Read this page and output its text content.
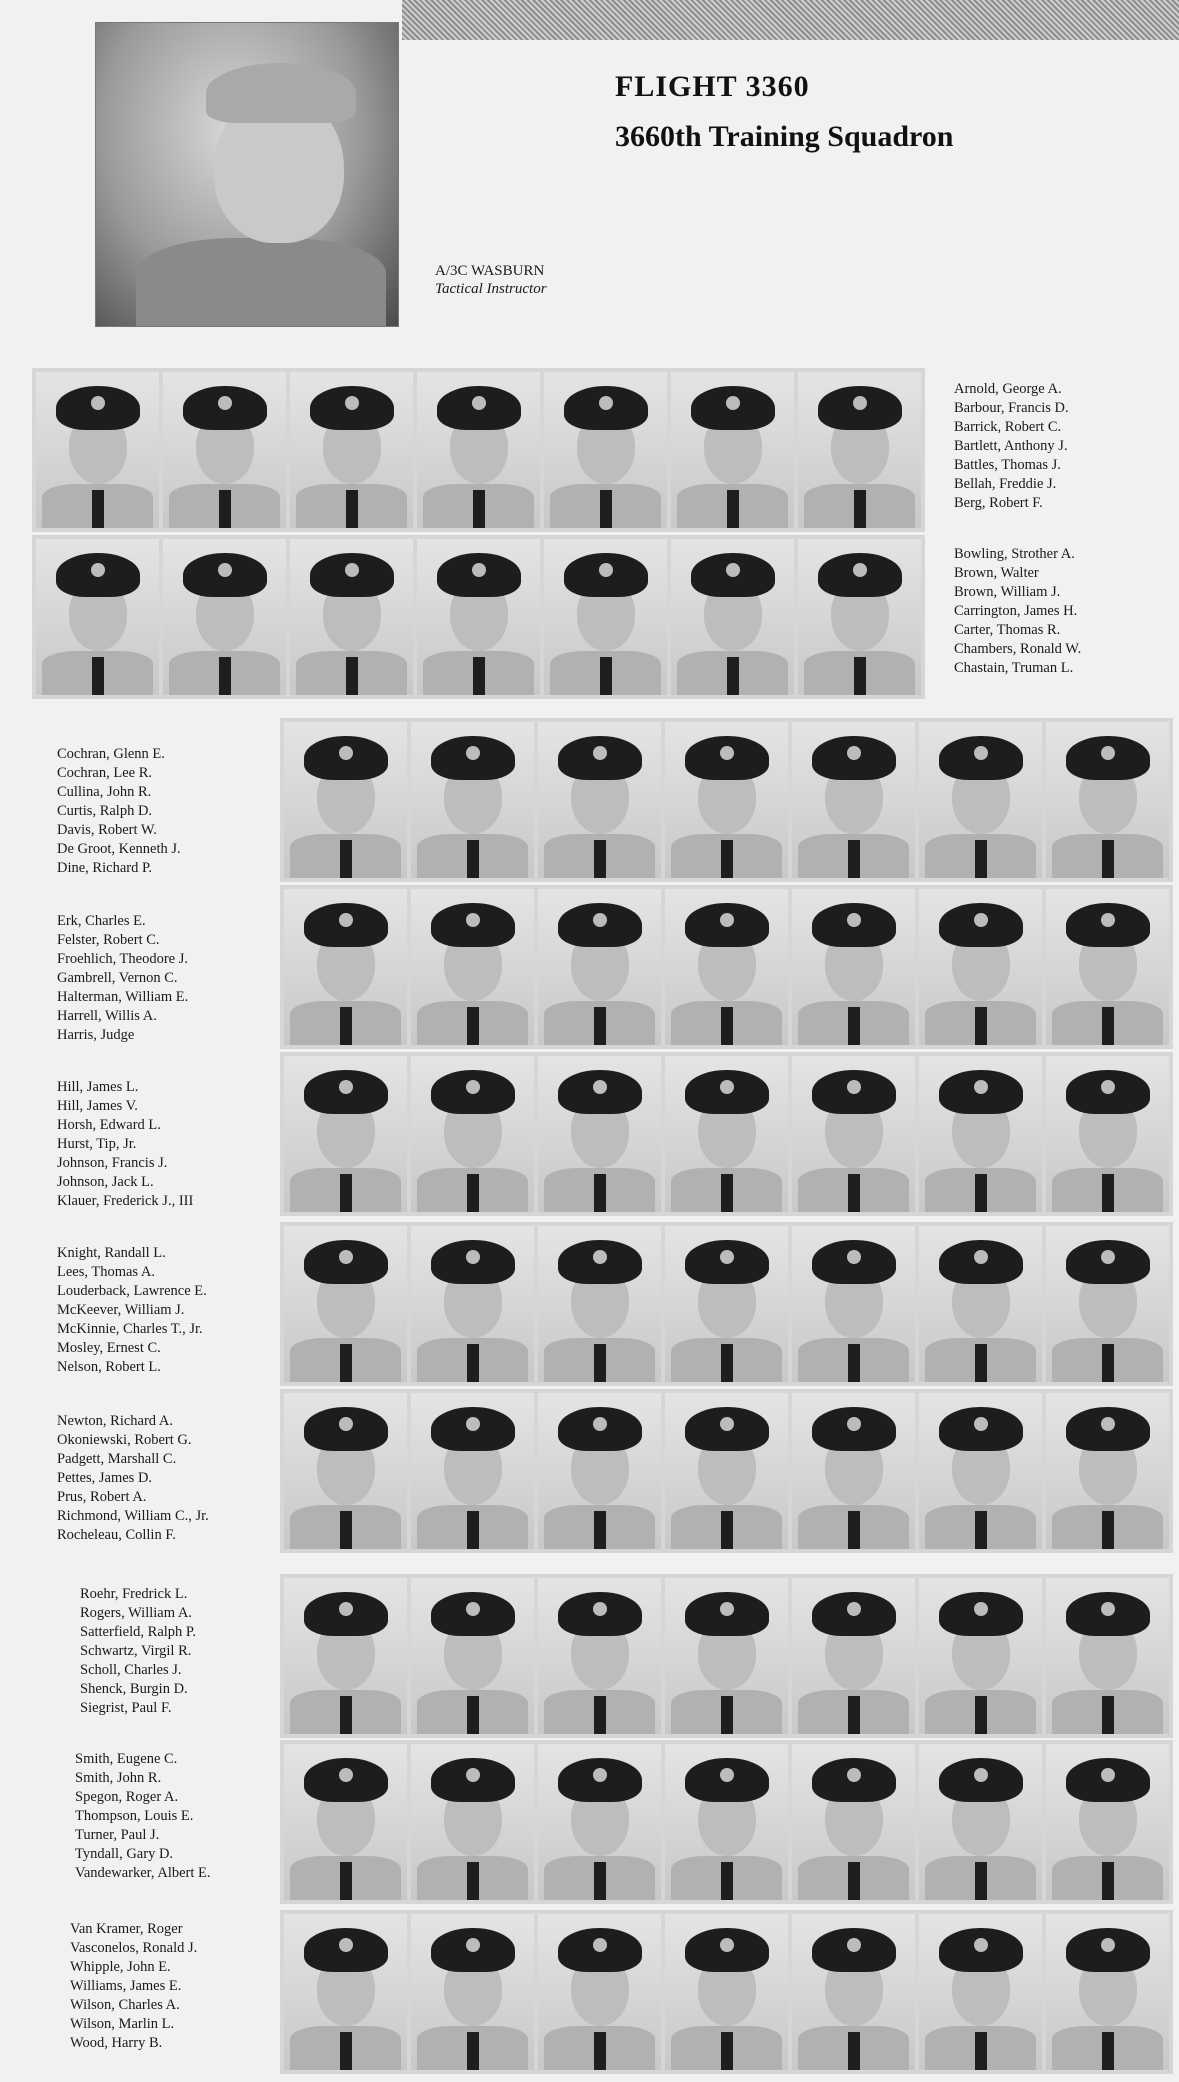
FLIGHT 3360
3660th Training Squadron
A/3C WASBURN
Tactical Instructor
Arnold, George A.
Barbour, Francis D.
Barrick, Robert C.
Bartlett, Anthony J.
Battles, Thomas J.
Bellah, Freddie J.
Berg, Robert F.
Bowling, Strother A.
Brown, Walter
Brown, William J.
Carrington, James H.
Carter, Thomas R.
Chambers, Ronald W.
Chastain, Truman L.
Cochran, Glenn E.
Cochran, Lee R.
Cullina, John R.
Curtis, Ralph D.
Davis, Robert W.
De Groot, Kenneth J.
Dine, Richard P.
Erk, Charles E.
Felster, Robert C.
Froehlich, Theodore J.
Gambrell, Vernon C.
Halterman, William E.
Harrell, Willis A.
Harris, Judge
Hill, James L.
Hill, James V.
Horsh, Edward L.
Hurst, Tip, Jr.
Johnson, Francis J.
Johnson, Jack L.
Klauer, Frederick J., III
Knight, Randall L.
Lees, Thomas A.
Louderback, Lawrence E.
McKeever, William J.
McKinnie, Charles T., Jr.
Mosley, Ernest C.
Nelson, Robert L.
Newton, Richard A.
Okoniewski, Robert G.
Padgett, Marshall C.
Pettes, James D.
Prus, Robert A.
Richmond, William C., Jr.
Rocheleau, Collin F.
Roehr, Fredrick L.
Rogers, William A.
Satterfield, Ralph P.
Schwartz, Virgil R.
Scholl, Charles J.
Shenck, Burgin D.
Siegrist, Paul F.
Smith, Eugene C.
Smith, John R.
Spegon, Roger A.
Thompson, Louis E.
Turner, Paul J.
Tyndall, Gary D.
Vandewarker, Albert E.
Van Kramer, Roger
Vasconelos, Ronald J.
Whipple, John E.
Williams, James E.
Wilson, Charles A.
Wilson, Marlin L.
Wood, Harry B.
